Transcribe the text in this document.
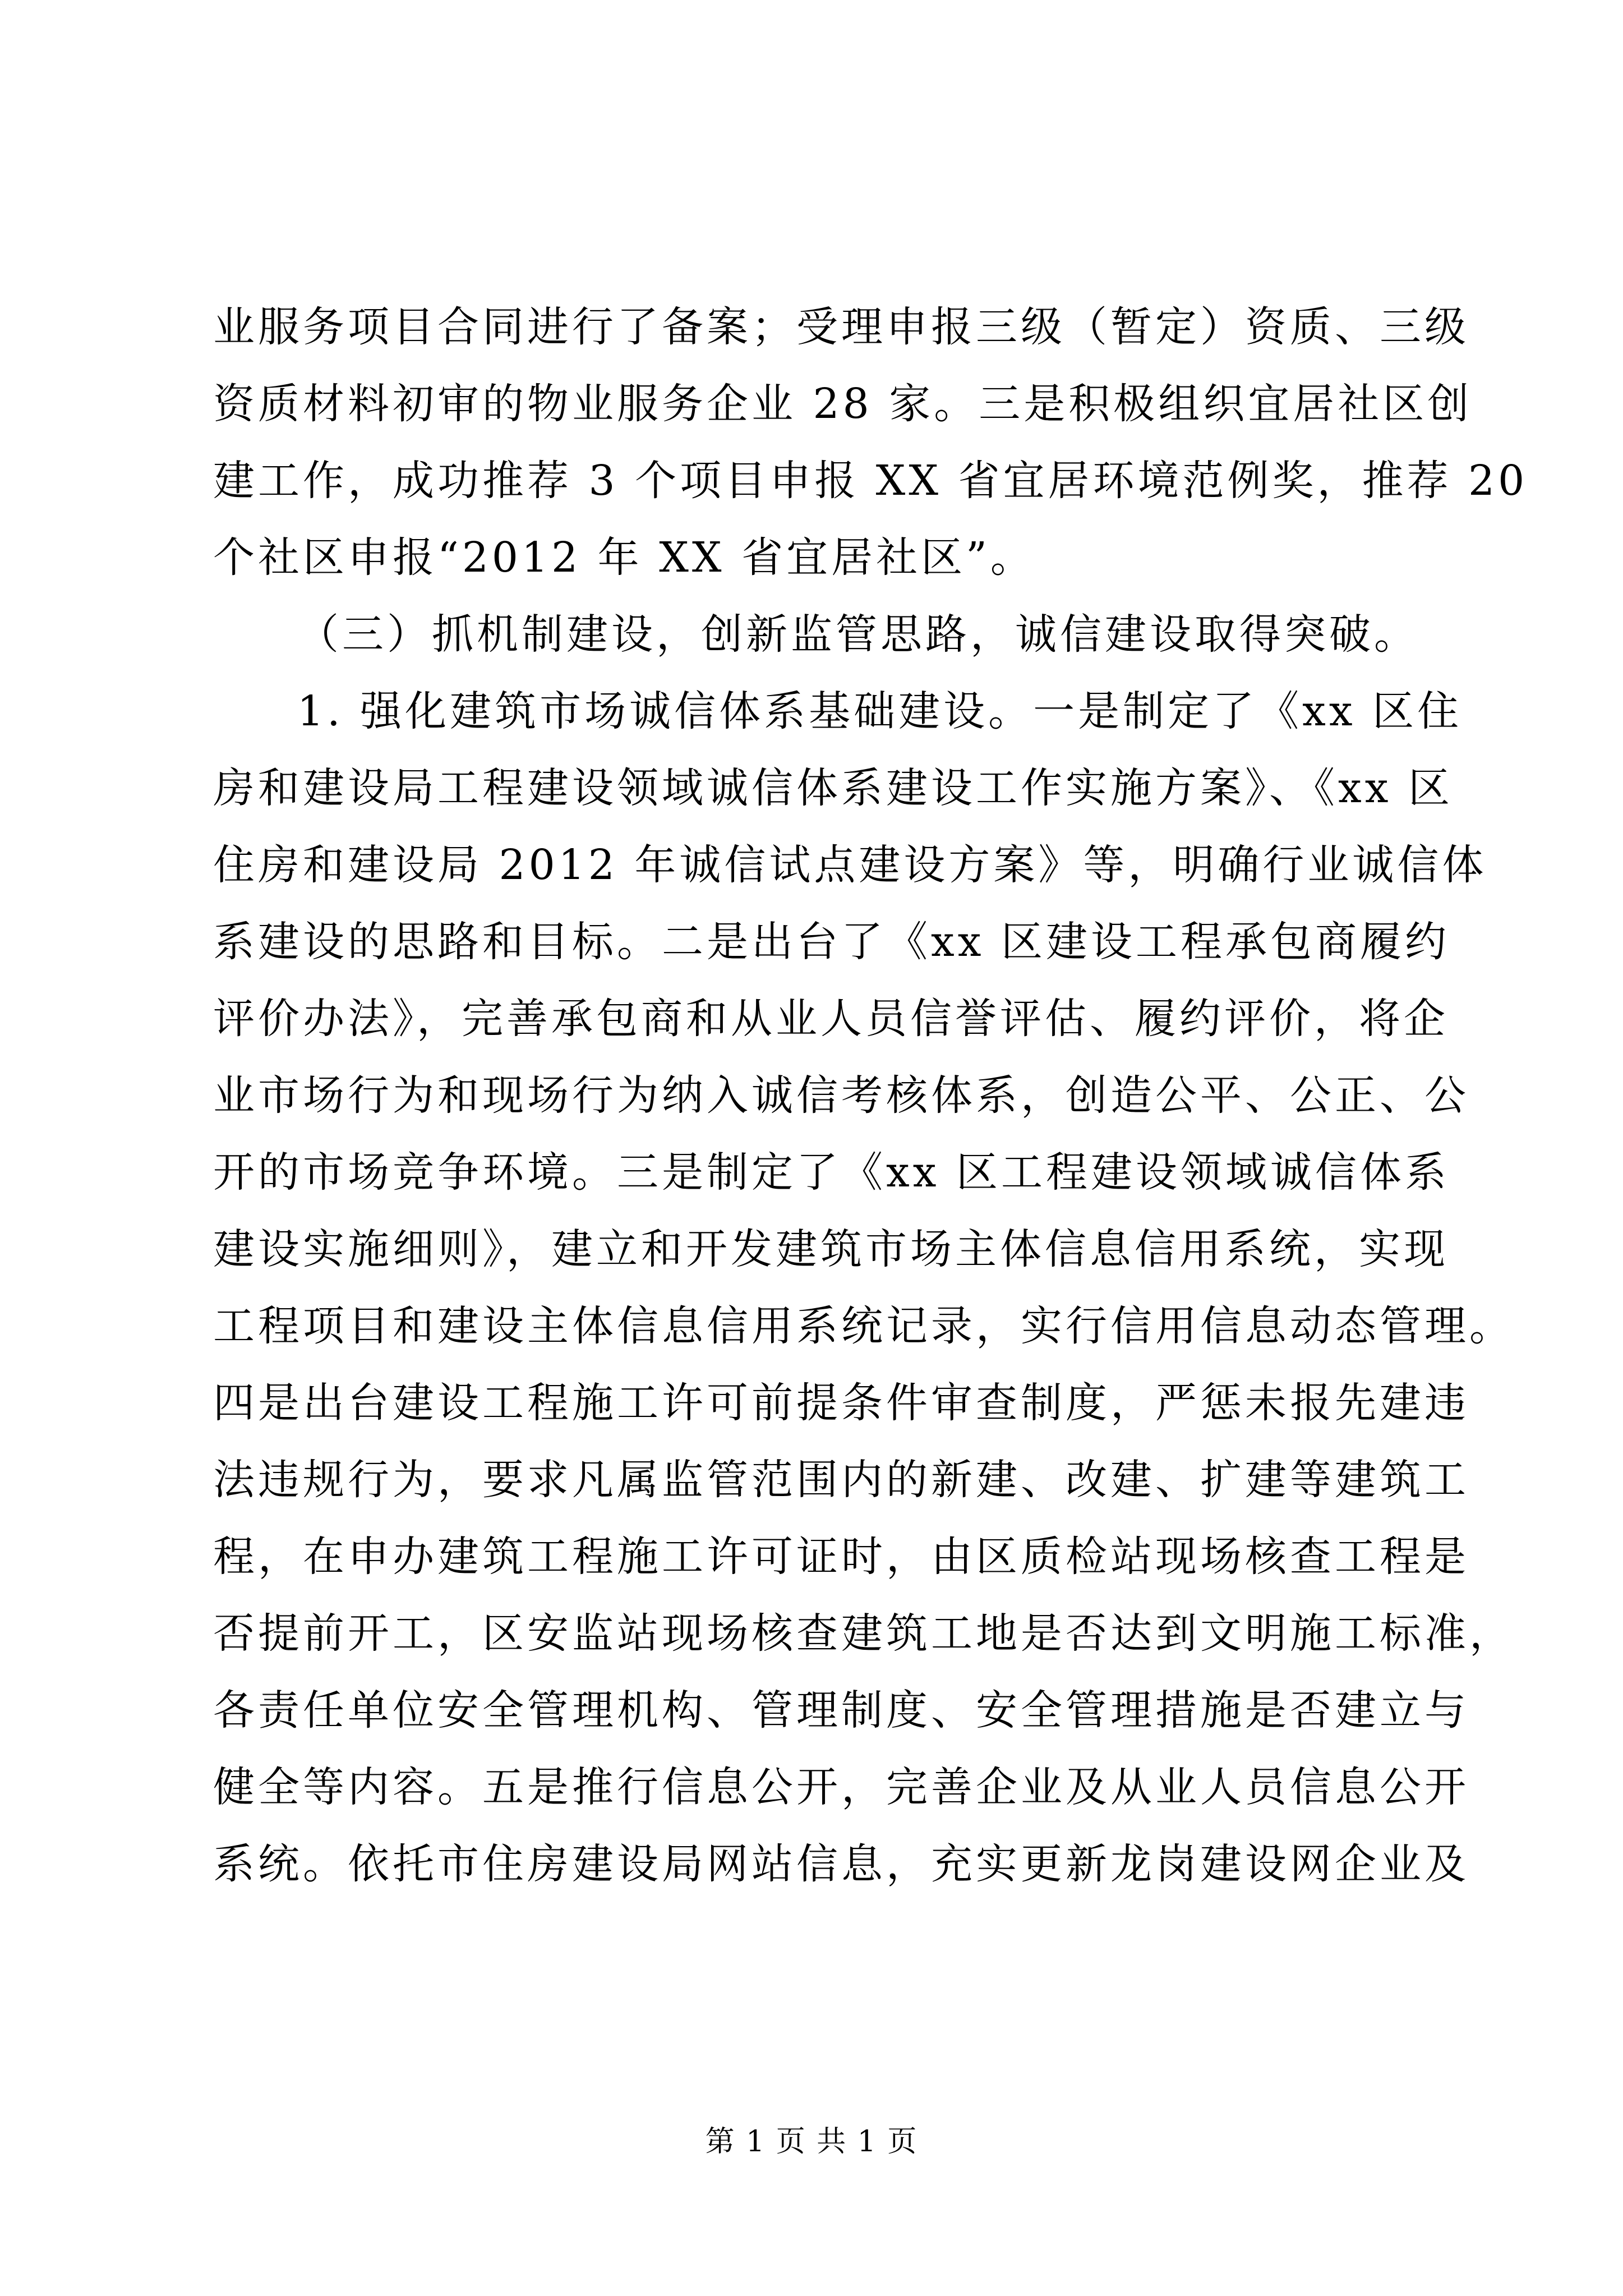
业服务项目合同进行了备案；受理申报三级（暂定）资质、三级
资质材料初审的物业服务企业 28 家。三是积极组织宜居社区创
建工作，成功推荐 3 个项目申报 XX 省宜居环境范例奖，推荐 20
个社区申报“2012 年 XX 省宜居社区”。
（三）抓机制建设，创新监管思路，诚信建设取得突破。
1. 强化建筑市场诚信体系基础建设。一是制定了《xx 区住
房和建设局工程建设领域诚信体系建设工作实施方案》、《xx 区
住房和建设局 2012 年诚信试点建设方案》等，明确行业诚信体
系建设的思路和目标。二是出台了《xx 区建设工程承包商履约
评价办法》，完善承包商和从业人员信誉评估、履约评价，将企
业市场行为和现场行为纳入诚信考核体系，创造公平、公正、公
开的市场竞争环境。三是制定了《xx 区工程建设领域诚信体系
建设实施细则》，建立和开发建筑市场主体信息信用系统，实现
工程项目和建设主体信息信用系统记录，实行信用信息动态管理。
四是出台建设工程施工许可前提条件审查制度，严惩未报先建违
法违规行为，要求凡属监管范围内的新建、改建、扩建等建筑工
程，在申办建筑工程施工许可证时，由区质检站现场核查工程是
否提前开工，区安监站现场核查建筑工地是否达到文明施工标准，
各责任单位安全管理机构、管理制度、安全管理措施是否建立与
健全等内容。五是推行信息公开，完善企业及从业人员信息公开
系统。依托市住房建设局网站信息，充实更新龙岗建设网企业及
第 1 页 共 1 页
